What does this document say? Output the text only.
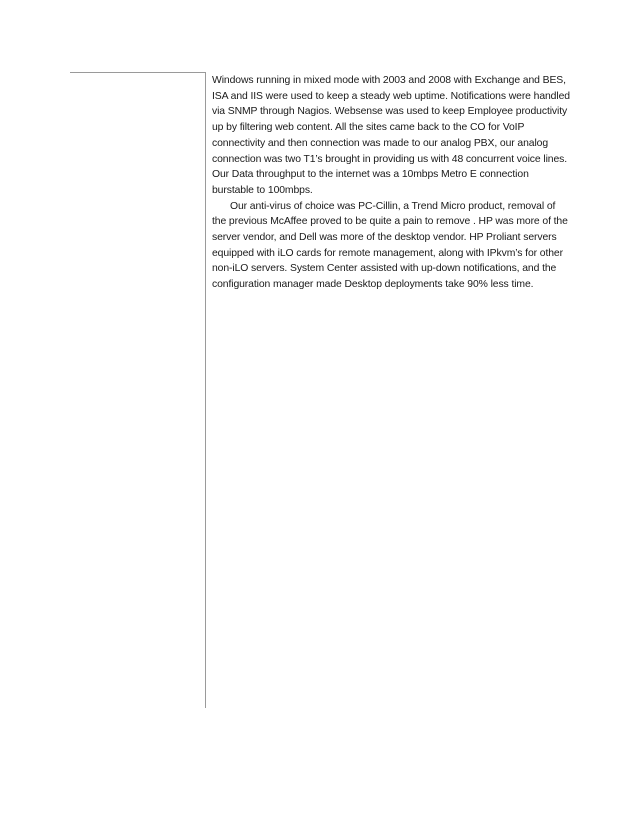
Windows running in mixed mode with 2003 and 2008 with Exchange and BES, ISA and IIS were used to keep a steady web uptime. Notifications were handled via SNMP through Nagios. Websense was used to keep Employee productivity up by filtering web content. All the sites came back to the CO for VoIP connectivity and then connection was made to our analog PBX, our analog connection was two T1’s brought in providing us with 48 concurrent voice lines. Our Data throughput to the internet was a 10mbps Metro E connection burstable to 100mbps.

Our anti-virus of choice was PC-Cillin, a Trend Micro product, removal of the previous McAffee proved to be quite a pain to remove . HP was more of the server vendor, and Dell was more of the desktop vendor. HP Proliant servers equipped with iLO cards for remote management, along with IPkvm’s for other non-iLO servers. System Center assisted with up-down notifications, and the configuration manager made Desktop deployments take 90% less time.
